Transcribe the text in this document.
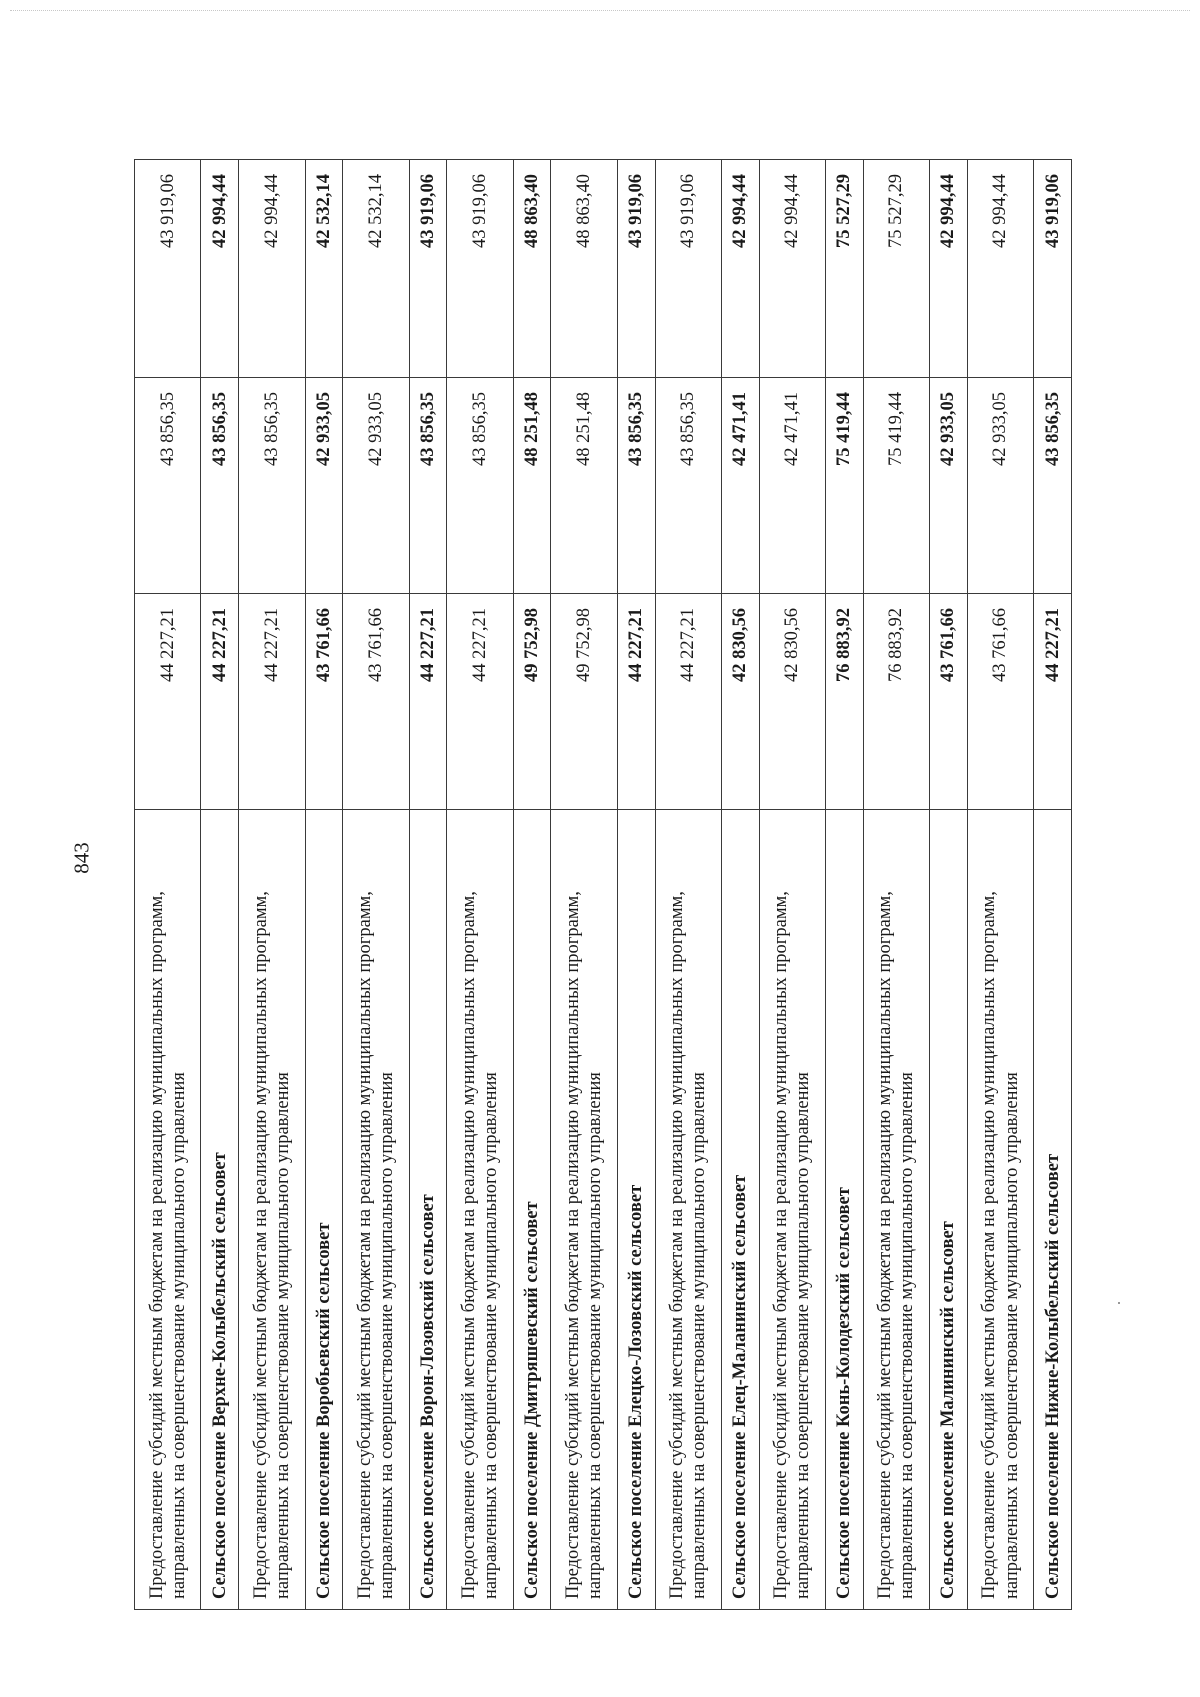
843
Предоставление субсидий местным бюджетам на реализацию муниципальных программ, направленных на совершенствование муниципального управления	44 227,21	43 856,35	43 919,06
Сельское поселение Верхне-Колыбельский сельсовет	44 227,21	43 856,35	42 994,44
Предоставление субсидий местным бюджетам на реализацию муниципальных программ, направленных на совершенствование муниципального управления	44 227,21	43 856,35	42 994,44
Сельское поселение Воробьевский сельсовет	43 761,66	42 933,05	42 532,14
Предоставление субсидий местным бюджетам на реализацию муниципальных программ, направленных на совершенствование муниципального управления	43 761,66	42 933,05	42 532,14
Сельское поселение Ворон-Лозовский сельсовет	44 227,21	43 856,35	43 919,06
Предоставление субсидий местным бюджетам на реализацию муниципальных программ, направленных на совершенствование муниципального управления	44 227,21	43 856,35	43 919,06
Сельское поселение Дмитряшевский сельсовет	49 752,98	48 251,48	48 863,40
Предоставление субсидий местным бюджетам на реализацию муниципальных программ, направленных на совершенствование муниципального управления	49 752,98	48 251,48	48 863,40
Сельское поселение Елецко-Лозовский сельсовет	44 227,21	43 856,35	43 919,06
Предоставление субсидий местным бюджетам на реализацию муниципальных программ, направленных на совершенствование муниципального управления	44 227,21	43 856,35	43 919,06
Сельское поселение Елец-Маланинский сельсовет	42 830,56	42 471,41	42 994,44
Предоставление субсидий местным бюджетам на реализацию муниципальных программ, направленных на совершенствование муниципального управления	42 830,56	42 471,41	42 994,44
Сельское поселение Конь-Колодезский сельсовет	76 883,92	75 419,44	75 527,29
Предоставление субсидий местным бюджетам на реализацию муниципальных программ, направленных на совершенствование муниципального управления	76 883,92	75 419,44	75 527,29
Сельское поселение Малининский сельсовет	43 761,66	42 933,05	42 994,44
Предоставление субсидий местным бюджетам на реализацию муниципальных программ, направленных на совершенствование муниципального управления	43 761,66	42 933,05	42 994,44
Сельское поселение Нижне-Колыбельский сельсовет	44 227,21	43 856,35	43 919,06
